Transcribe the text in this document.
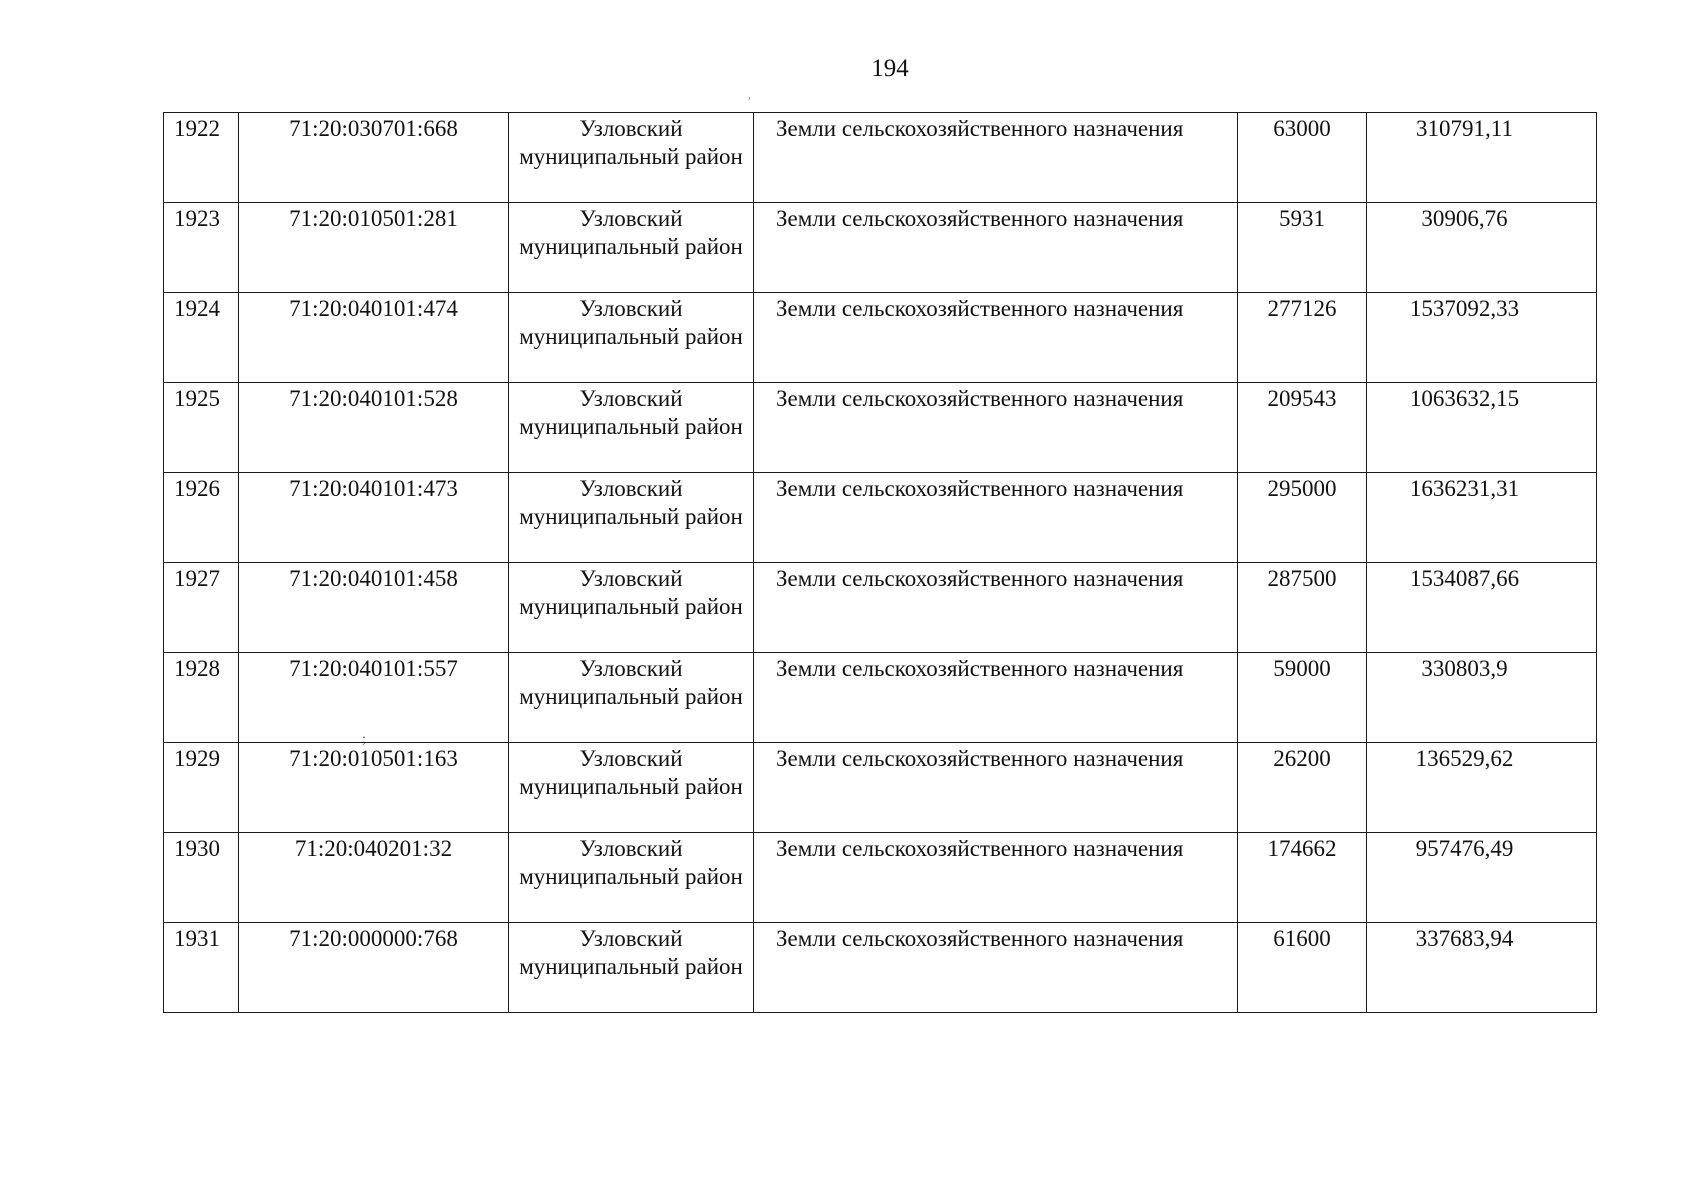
194
˒
;
1922	71:20:030701:668	Узловский муниципальный район	Земли сельскохозяйственного назначения	63000	310791,11
1923	71:20:010501:281	Узловский муниципальный район	Земли сельскохозяйственного назначения	5931	30906,76
1924	71:20:040101:474	Узловский муниципальный район	Земли сельскохозяйственного назначения	277126	1537092,33
1925	71:20:040101:528	Узловский муниципальный район	Земли сельскохозяйственного назначения	209543	1063632,15
1926	71:20:040101:473	Узловский муниципальный район	Земли сельскохозяйственного назначения	295000	1636231,31
1927	71:20:040101:458	Узловский муниципальный район	Земли сельскохозяйственного назначения	287500	1534087,66
1928	71:20:040101:557	Узловский муниципальный район	Земли сельскохозяйственного назначения	59000	330803,9
1929	71:20:010501:163	Узловский муниципальный район	Земли сельскохозяйственного назначения	26200	136529,62
1930	71:20:040201:32	Узловский муниципальный район	Земли сельскохозяйственного назначения	174662	957476,49
1931	71:20:000000:768	Узловский муниципальный район	Земли сельскохозяйственного назначения	61600	337683,94
